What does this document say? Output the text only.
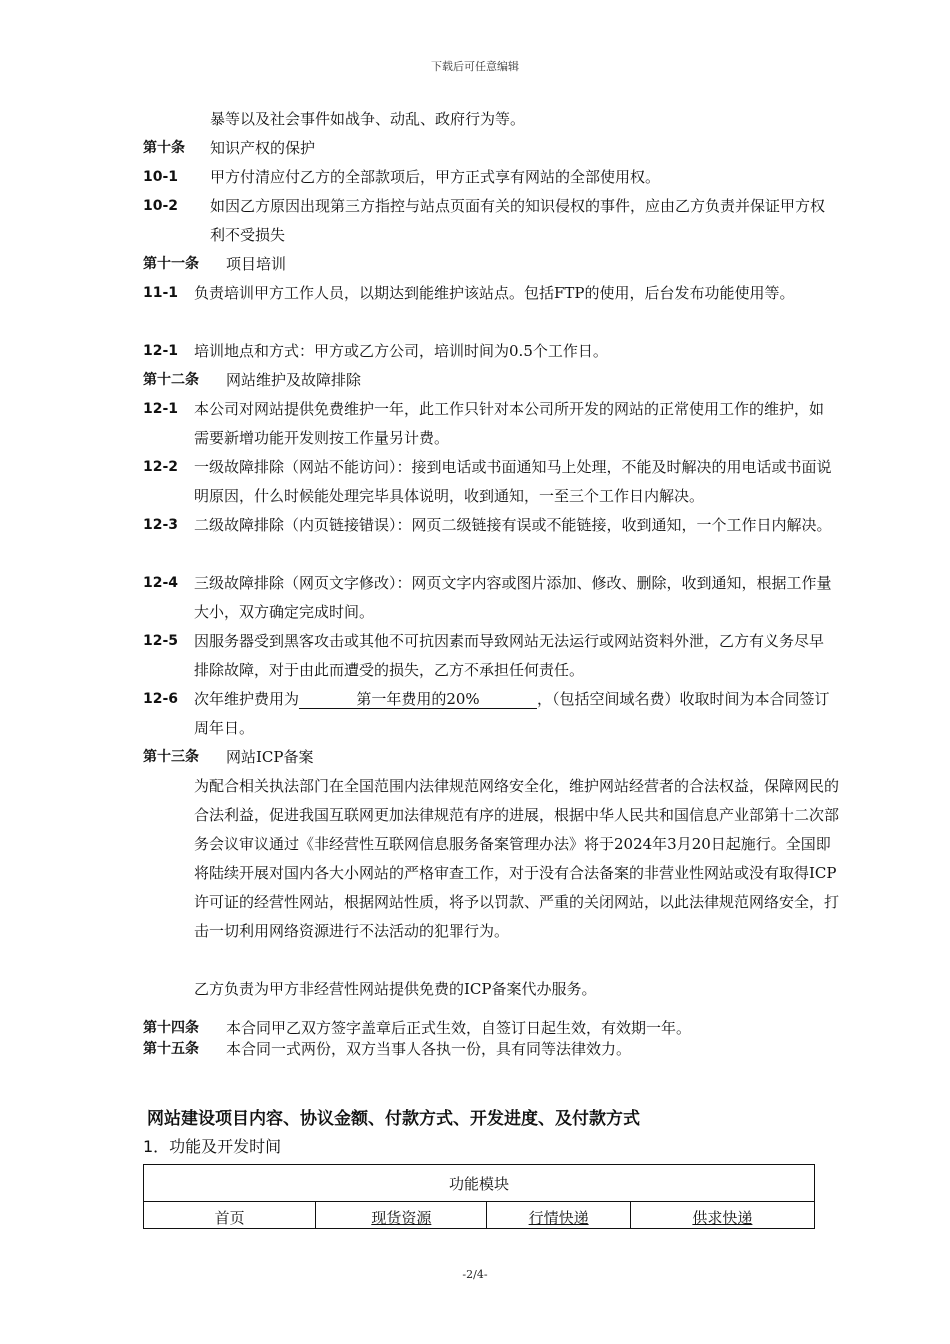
下载后可任意编辑
暴等以及社会事件如战争、动乱、政府行为等。
第十条 知识产权的保护
10-1 甲方付清应付乙方的全部款项后，甲方正式享有网站的全部使用权。
10-2 如因乙方原因出现第三方指控与站点页面有关的知识侵权的事件，应由乙方负责并保证甲方权利不受损失
第十一条 项目培训
11-1 负责培训甲方工作人员，以期达到能维护该站点。包括FTP的使用，后台发布功能使用等。
12-1 培训地点和方式：甲方或乙方公司，培训时间为0.5个工作日。
第十二条 网站维护及故障排除
12-1 本公司对网站提供免费维护一年，此工作只针对本公司所开发的网站的正常使用工作的维护，如需要新增功能开发则按工作量另计费。
12-2 一级故障排除（网站不能访问）：接到电话或书面通知马上处理，不能及时解决的用电话或书面说明原因，什么时候能处理完毕具体说明，收到通知，一至三个工作日内解决。
12-3 二级故障排除（内页链接错误）：网页二级链接有误或不能链接，收到通知，一个工作日内解决。
12-4 三级故障排除（网页文字修改）：网页文字内容或图片添加、修改、删除，收到通知，根据工作量大小，双方确定完成时间。
12-5 因服务器受到黑客攻击或其他不可抗因素而导致网站无法运行或网站资料外泄，乙方有义务尽早排除故障，对于由此而遭受的损失，乙方不承担任何责任。
12-6 次年维护费用为	第一年费用的20%	，（包括空间域名费）收取时间为本合同签订周年日。
第十三条 网站ICP备案
为配合相关执法部门在全国范围内法律规范网络安全化，维护网站经营者的合法权益，保障网民的合法利益，促进我国互联网更加法律规范有序的进展，根据中华人民共和国信息产业部第十二次部务会议审议通过《非经营性互联网信息服务备案管理办法》将于2024年3月20日起施行。全国即将陆续开展对国内各大小网站的严格审查工作，对于没有合法备案的非营业性网站或没有取得ICP许可证的经营性网站，根据网站性质，将予以罚款、严重的关闭网站，以此法律规范网络安全，打击一切利用网络资源进行不法活动的犯罪行为。
乙方负责为甲方非经营性网站提供免费的ICP备案代办服务。
第十四条 本合同甲乙双方签字盖章后正式生效，自签订日起生效，有效期一年。
第十五条 本合同一式两份，双方当事人各执一份，具有同等法律效力。
网站建设项目内容、协议金额、付款方式、开发进度、及付款方式
1．功能及开发时间
功能模块
首页	现货资源	行情快递	供求快递
-2/4-
